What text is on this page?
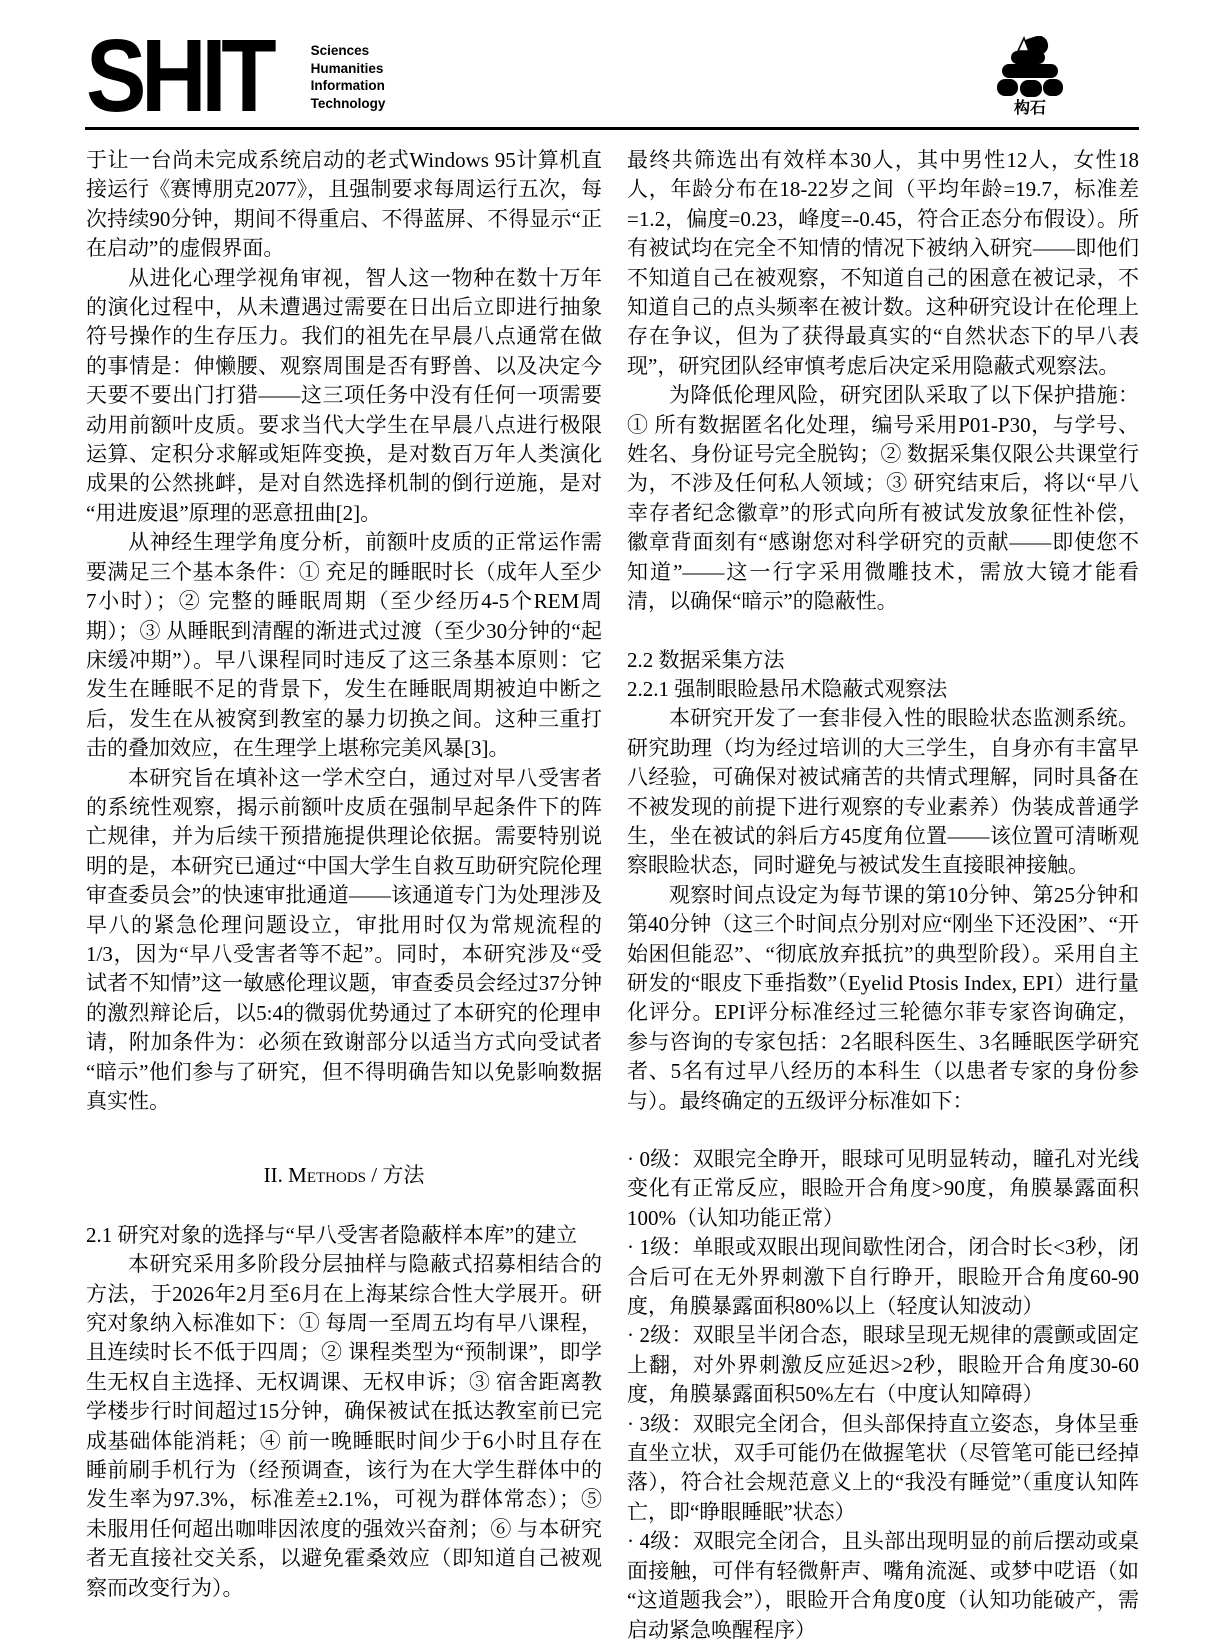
SHIT	Sciences
Humanities
Information
Technology	构石

于让一台尚未完成系统启动的老式Windows 95计算机直接运行《赛博朋克2077》，且强制要求每周运行五次，每次持续90分钟，期间不得重启、不得蓝屏、不得显示“正在启动”的虚假界面。

从进化心理学视角审视，智人这一物种在数十万年的演化过程中，从未遭遇过需要在日出后立即进行抽象符号操作的生存压力。我们的祖先在早晨八点通常在做的事情是：伸懒腰、观察周围是否有野兽、以及决定今天要不要出门打猎——这三项任务中没有任何一项需要动用前额叶皮质。要求当代大学生在早晨八点进行极限运算、定积分求解或矩阵变换，是对数百万年人类演化成果的公然挑衅，是对自然选择机制的倒行逆施，是对“用进废退”原理的恶意扭曲[2]。

从神经生理学角度分析，前额叶皮质的正常运作需要满足三个基本条件：① 充足的睡眠时长（成年人至少7小时）；② 完整的睡眠周期（至少经历4-5个REM周期）；③ 从睡眠到清醒的渐进式过渡（至少30分钟的“起床缓冲期”）。早八课程同时违反了这三条基本原则：它发生在睡眠不足的背景下，发生在睡眠周期被迫中断之后，发生在从被窝到教室的暴力切换之间。这种三重打击的叠加效应，在生理学上堪称完美风暴[3]。

本研究旨在填补这一学术空白，通过对早八受害者的系统性观察，揭示前额叶皮质在强制早起条件下的阵亡规律，并为后续干预措施提供理论依据。需要特别说明的是，本研究已通过“中国大学生自救互助研究院伦理审查委员会”的快速审批通道——该通道专门为处理涉及早八的紧急伦理问题设立，审批用时仅为常规流程的1/3，因为“早八受害者等不起”。同时，本研究涉及“受试者不知情”这一敏感伦理议题，审查委员会经过37分钟的激烈辩论后，以5:4的微弱优势通过了本研究的伦理申请，附加条件为：必须在致谢部分以适当方式向受试者“暗示”他们参与了研究，但不得明确告知以免影响数据真实性。

II. Methods / 方法

2.1 研究对象的选择与“早八受害者隐蔽样本库”的建立

本研究采用多阶段分层抽样与隐蔽式招募相结合的方法，于2026年2月至6月在上海某综合性大学展开。研究对象纳入标准如下：① 每周一至周五均有早八课程，且连续时长不低于四周；② 课程类型为“预制课”，即学生无权自主选择、无权调课、无权申诉；③ 宿舍距离教学楼步行时间超过15分钟，确保被试在抵达教室前已完成基础体能消耗；④ 前一晚睡眠时间少于6小时且存在睡前刷手机行为（经预调查，该行为在大学生群体中的发生率为97.3%，标准差±2.1%，可视为群体常态）；⑤ 未服用任何超出咖啡因浓度的强效兴奋剂；⑥ 与本研究者无直接社交关系，以避免霍桑效应（即知道自己被观察而改变行为）。

最终共筛选出有效样本30人，其中男性12人，女性18人，年龄分布在18-22岁之间（平均年龄=19.7，标准差=1.2，偏度=0.23，峰度=-0.45，符合正态分布假设）。所有被试均在完全不知情的情况下被纳入研究——即他们不知道自己在被观察，不知道自己的困意在被记录，不知道自己的点头频率在被计数。这种研究设计在伦理上存在争议，但为了获得最真实的“自然状态下的早八表现”，研究团队经审慎考虑后决定采用隐蔽式观察法。

为降低伦理风险，研究团队采取了以下保护措施：① 所有数据匿名化处理，编号采用P01-P30，与学号、姓名、身份证号完全脱钩；② 数据采集仅限公共课堂行为，不涉及任何私人领域；③ 研究结束后，将以“早八幸存者纪念徽章”的形式向所有被试发放象征性补偿，徽章背面刻有“感谢您对科学研究的贡献——即使您不知道”——这一行字采用微雕技术，需放大镜才能看清，以确保“暗示”的隐蔽性。

2.2 数据采集方法

2.2.1 强制眼睑悬吊术隐蔽式观察法

本研究开发了一套非侵入性的眼睑状态监测系统。研究助理（均为经过培训的大三学生，自身亦有丰富早八经验，可确保对被试痛苦的共情式理解，同时具备在不被发现的前提下进行观察的专业素养）伪装成普通学生，坐在被试的斜后方45度角位置——该位置可清晰观察眼睑状态，同时避免与被试发生直接眼神接触。

观察时间点设定为每节课的第10分钟、第25分钟和第40分钟（这三个时间点分别对应“刚坐下还没困”、“开始困但能忍”、“彻底放弃抵抗”的典型阶段）。采用自主研发的“眼皮下垂指数”（Eyelid Ptosis Index, EPI）进行量化评分。EPI评分标准经过三轮德尔菲专家咨询确定，参与咨询的专家包括：2名眼科医生、3名睡眠医学研究者、5名有过早八经历的本科生（以患者专家的身份参与）。最终确定的五级评分标准如下：

· 0级：双眼完全睁开，眼球可见明显转动，瞳孔对光线变化有正常反应，眼睑开合角度>90度，角膜暴露面积100%（认知功能正常）

· 1级：单眼或双眼出现间歇性闭合，闭合时长<3秒，闭合后可在无外界刺激下自行睁开，眼睑开合角度60-90度，角膜暴露面积80%以上（轻度认知波动）

· 2级：双眼呈半闭合态，眼球呈现无规律的震颤或固定上翻，对外界刺激反应延迟>2秒，眼睑开合角度30-60度，角膜暴露面积50%左右（中度认知障碍）

· 3级：双眼完全闭合，但头部保持直立姿态，身体呈垂直坐立状，双手可能仍在做握笔状（尽管笔可能已经掉落），符合社会规范意义上的“我没有睡觉”（重度认知阵亡，即“睁眼睡眠”状态）

· 4级：双眼完全闭合，且头部出现明显的前后摆动或桌面接触，可伴有轻微鼾声、嘴角流涎、或梦中呓语（如“这道题我会”），眼睑开合角度0度（认知功能破产，需启动紧急唤醒程序）
